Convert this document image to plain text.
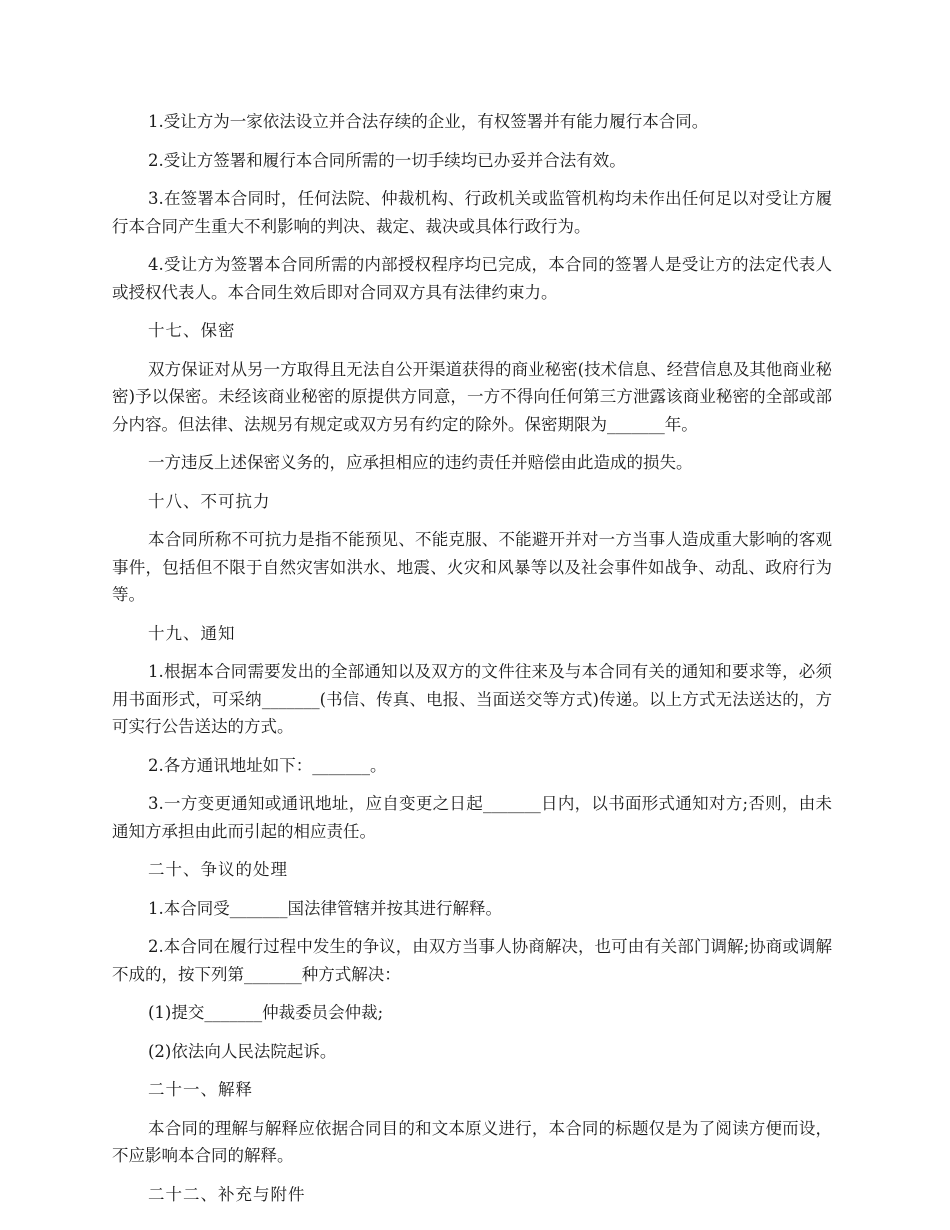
1.受让方为一家依法设立并合法存续的企业，有权签署并有能力履行本合同。

2.受让方签署和履行本合同所需的一切手续均已办妥并合法有效。

3.在签署本合同时，任何法院、仲裁机构、行政机关或监管机构均未作出任何足以对受让方履行本合同产生重大不利影响的判决、裁定、裁决或具体行政行为。

4.受让方为签署本合同所需的内部授权程序均已完成，本合同的签署人是受让方的法定代表人或授权代表人。本合同生效后即对合同双方具有法律约束力。

十七、保密

双方保证对从另一方取得且无法自公开渠道获得的商业秘密(技术信息、经营信息及其他商业秘密)予以保密。未经该商业秘密的原提供方同意，一方不得向任何第三方泄露该商业秘密的全部或部分内容。但法律、法规另有规定或双方另有约定的除外。保密期限为_______年。

一方违反上述保密义务的，应承担相应的违约责任并赔偿由此造成的损失。

十八、不可抗力

本合同所称不可抗力是指不能预见、不能克服、不能避开并对一方当事人造成重大影响的客观事件，包括但不限于自然灾害如洪水、地震、火灾和风暴等以及社会事件如战争、动乱、政府行为等。

十九、通知

1.根据本合同需要发出的全部通知以及双方的文件往来及与本合同有关的通知和要求等，必须用书面形式，可采纳_______(书信、传真、电报、当面送交等方式)传递。以上方式无法送达的，方可实行公告送达的方式。

2.各方通讯地址如下：_______。

3.一方变更通知或通讯地址，应自变更之日起_______日内，以书面形式通知对方;否则，由未通知方承担由此而引起的相应责任。

二十、争议的处理

1.本合同受_______国法律管辖并按其进行解释。

2.本合同在履行过程中发生的争议，由双方当事人协商解决，也可由有关部门调解;协商或调解不成的，按下列第_______种方式解决：

(1)提交_______仲裁委员会仲裁;

(2)依法向人民法院起诉。

二十一、解释

本合同的理解与解释应依据合同目的和文本原义进行，本合同的标题仅是为了阅读方便而设，不应影响本合同的解释。

二十二、补充与附件
